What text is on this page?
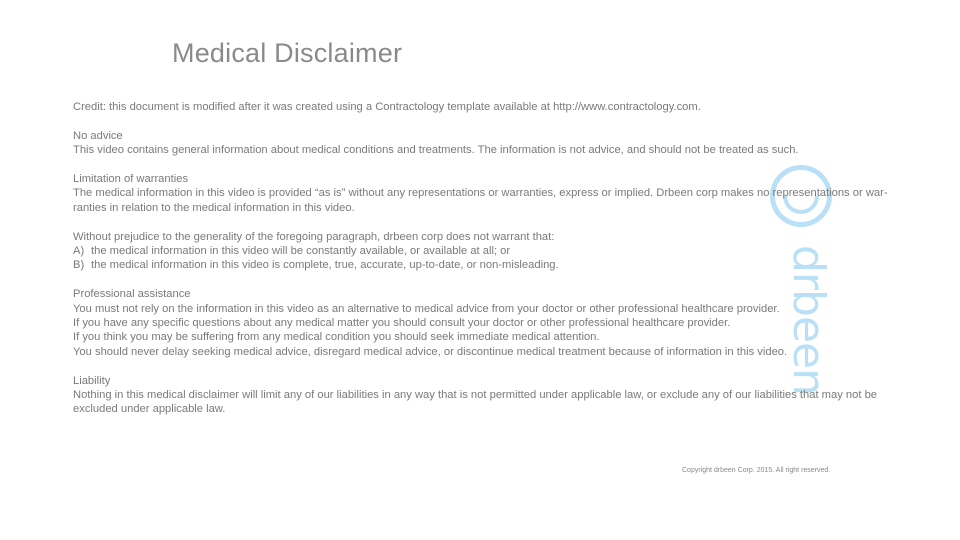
Medical Disclaimer
drbeen
Credit: this document is modified after it was created using a Contractology template available at http://www.contractology.com.
No advice
This video contains general information about medical conditions and treatments. The information is not advice, and should not be treated as such.
Limitation of warranties
The medical information in this video is provided “as is” without any representations or warranties, express or implied. Drbeen corp makes no representations or war-
ranties in relation to the medical information in this video.
Without prejudice to the generality of the foregoing paragraph, drbeen corp does not warrant that:
A) the medical information in this video will be constantly available, or available at all; or
B) the medical information in this video is complete, true, accurate, up-to-date, or non-misleading.
Professional assistance
You must not rely on the information in this video as an alternative to medical advice from your doctor or other professional healthcare provider.
If you have any specific questions about any medical matter you should consult your doctor or other professional healthcare provider.
If you think you may be suffering from any medical condition you should seek immediate medical attention.
You should never delay seeking medical advice, disregard medical advice, or discontinue medical treatment because of information in this video.
Liability
Nothing in this medical disclaimer will limit any of our liabilities in any way that is not permitted under applicable law, or exclude any of our liabilities that may not be
excluded under applicable law.
Copyright drbeen Corp. 2015. All right reserved.
